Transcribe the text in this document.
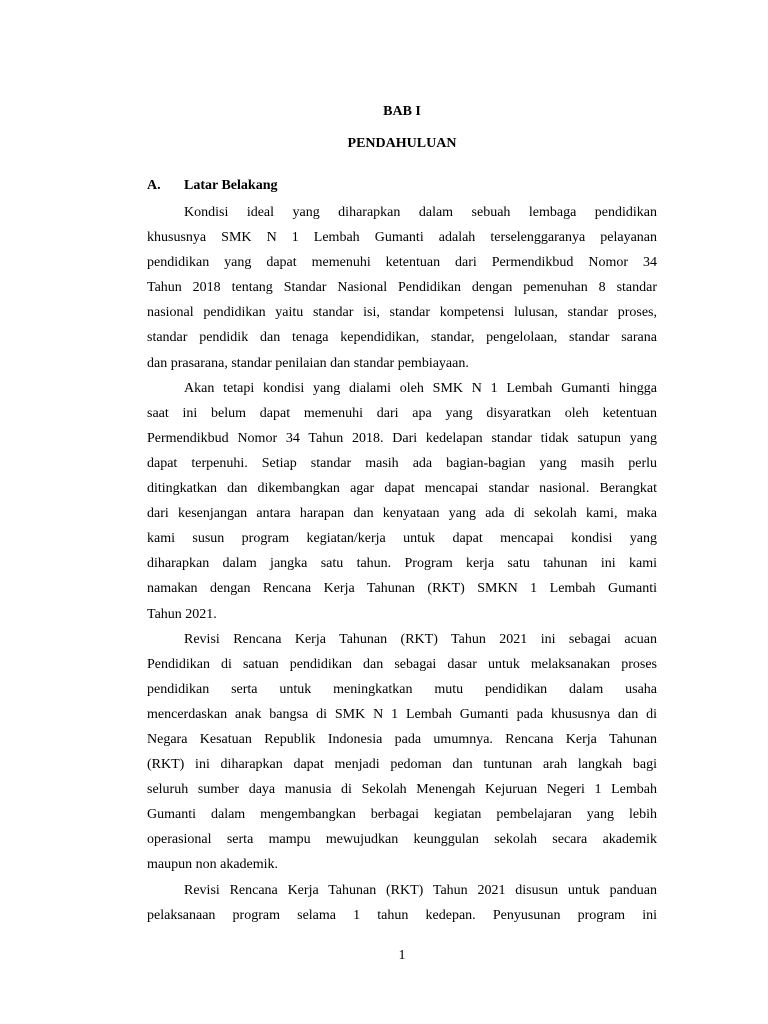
BAB I
PENDAHULUAN
A. Latar Belakang
Kondisi ideal yang diharapkan dalam sebuah lembaga pendidikan
khususnya SMK N 1 Lembah Gumanti adalah terselenggaranya pelayanan
pendidikan yang dapat memenuhi ketentuan dari Permendikbud Nomor 34
Tahun 2018 tentang Standar Nasional Pendidikan dengan pemenuhan 8 standar
nasional pendidikan yaitu standar isi, standar kompetensi lulusan, standar proses,
standar pendidik dan tenaga kependidikan, standar, pengelolaan, standar sarana
dan prasarana, standar penilaian dan standar pembiayaan.
Akan tetapi kondisi yang dialami oleh SMK N 1 Lembah Gumanti hingga
saat ini belum dapat memenuhi dari apa yang disyaratkan oleh ketentuan
Permendikbud Nomor 34 Tahun 2018. Dari kedelapan standar tidak satupun yang
dapat terpenuhi. Setiap standar masih ada bagian-bagian yang masih perlu
ditingkatkan dan dikembangkan agar dapat mencapai standar nasional. Berangkat
dari kesenjangan antara harapan dan kenyataan yang ada di sekolah kami, maka
kami susun program kegiatan/kerja untuk dapat mencapai kondisi yang
diharapkan dalam jangka satu tahun. Program kerja satu tahunan ini kami
namakan dengan Rencana Kerja Tahunan (RKT) SMKN 1 Lembah Gumanti
Tahun 2021.
Revisi Rencana Kerja Tahunan (RKT) Tahun 2021 ini sebagai acuan
Pendidikan di satuan pendidikan dan sebagai dasar untuk melaksanakan proses
pendidikan serta untuk meningkatkan mutu pendidikan dalam usaha
mencerdaskan anak bangsa di SMK N 1 Lembah Gumanti pada khususnya dan di
Negara Kesatuan Republik Indonesia pada umumnya. Rencana Kerja Tahunan
(RKT) ini diharapkan dapat menjadi pedoman dan tuntunan arah langkah bagi
seluruh sumber daya manusia di Sekolah Menengah Kejuruan Negeri 1 Lembah
Gumanti dalam mengembangkan berbagai kegiatan pembelajaran yang lebih
operasional serta mampu mewujudkan keunggulan sekolah secara akademik
maupun non akademik.
Revisi Rencana Kerja Tahunan (RKT) Tahun 2021 disusun untuk panduan
pelaksanaan program selama 1 tahun kedepan. Penyusunan program ini
1
